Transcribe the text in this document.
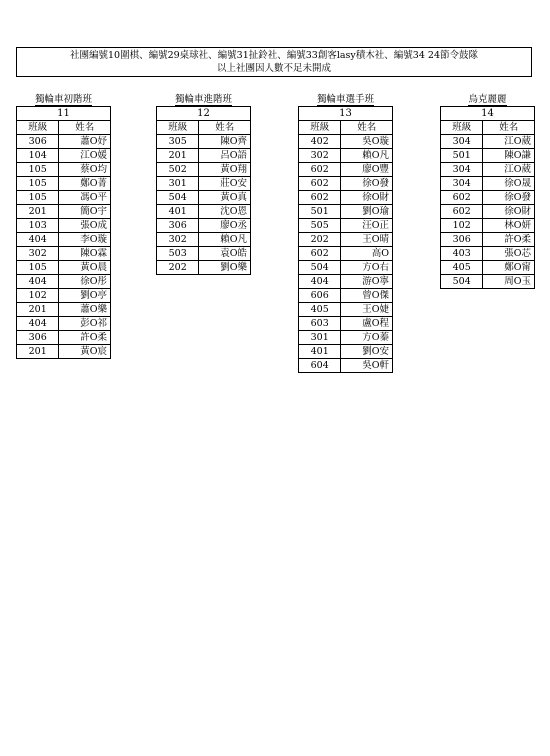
社團編號10圍棋、編號29桌球社、編號31扯鈴社、編號33創客lasy積木社、編號34 24節令鼓隊
以上社團因人數不足未開成
獨輪車初階班	
11	
班級	姓名
306	蕭O妤
104	江O媛
105	蔡O均
105	鄭O菁
105	馮O平
201	簡O宇
103	張O成
404	李O璇
302	陳O霖
105	黃O晨
404	徐O彤
102	劉O亭
201	蕭O樂
404	彭O祁
306	許O柔
201	黃O宸
獨輪車進階班	
12	
班級	姓名
305	陳O齊
201	呂O語
502	黃O翔
301	莊O安
504	黃O真
401	沈O恩
306	廖O丞
302	賴O凡
503	袁O皓
202	劉O樂
獨輪車選手班	
13	
班級	姓名
402	吳O璇
302	賴O凡
602	廖O豐
602	徐O發
602	徐O財
501	劉O瑜
505	汪O正
202	王O晴
602	高O
504	方O右
404	游O寧
606	曾O傑
405	王O婕
603	盧O程
301	方O蓁
401	劉O安
604	吳O軒
烏克麗麗	
14	
班級	姓名
304	江O葳
501	陳O謙
304	江O葳
304	徐O晟
602	徐O發
602	徐O財
102	林O妍
306	許O柔
403	張O芯
405	鄭O甯
504	周O玉
